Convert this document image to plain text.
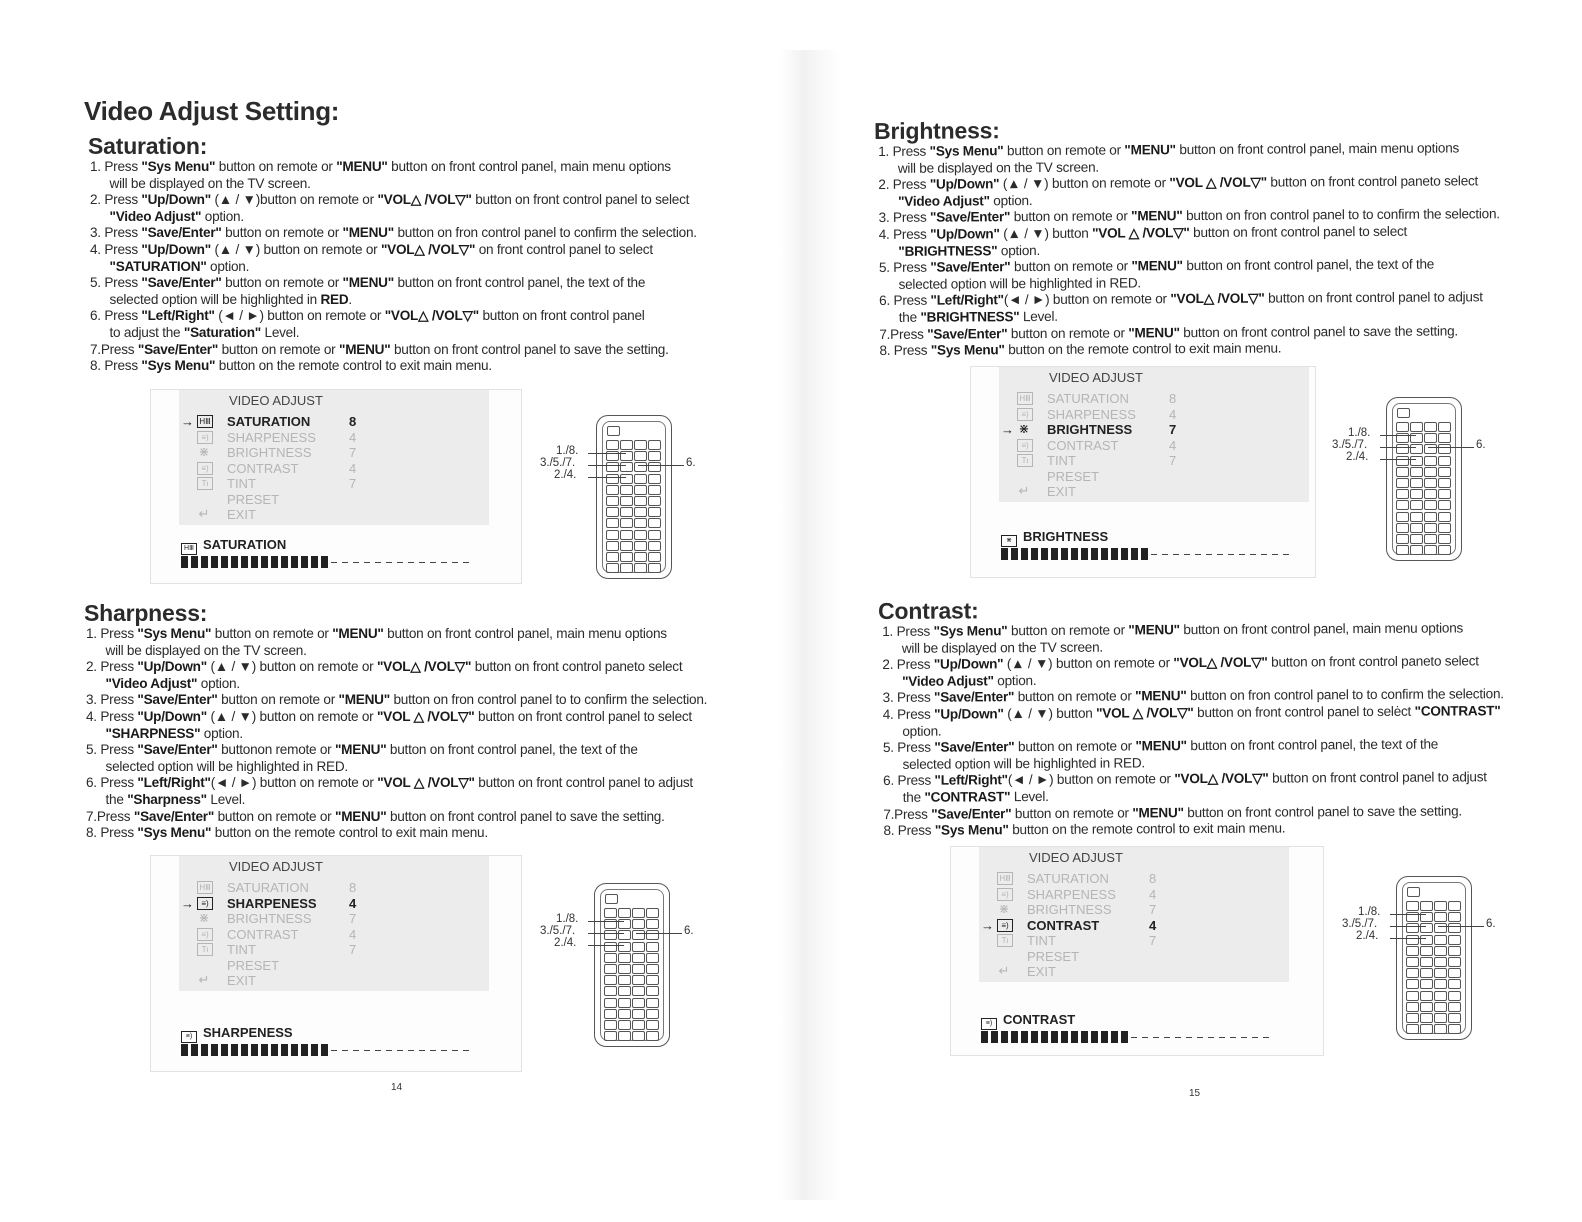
Video Adjust Setting:
Saturation:
1. Press "Sys Menu" button on remote or "MENU" button on front control panel, main menu options
will be displayed on the TV screen.
2. Press "Up/Down" (▲ / ▼)button on remote or "VOL△ /VOL▽" button on front control panel to select
"Video Adjust" option.
3. Press "Save/Enter" button on remote or "MENU" button on fron control panel to confirm the selection.
4. Press "Up/Down" (▲ / ▼) button on remote or "VOL△ /VOL▽" on front control panel to select
"SATURATION" option.
5. Press "Save/Enter" button on remote or "MENU" button on front control panel, the text of the
selected option will be highlighted in RED.
6. Press "Left/Right" (◄ / ►) button on remote or "VOL△ /VOL▽" button on front control panel
to adjust the "Saturation" Level.
7.Press "Save/Enter" button on remote or "MENU" button on front control panel to save the setting.
8. Press "Sys Menu" button on the remote control to exit main menu.
Sharpness:
1. Press "Sys Menu" button on remote or "MENU" button on front control panel, main menu options
will be displayed on the TV screen.
2. Press "Up/Down" (▲ / ▼) button on remote or "VOL△ /VOL▽" button on front control paneto select
"Video Adjust" option.
3. Press "Save/Enter" button on remote or "MENU" button on fron control panel to to confirm the selection.
4. Press "Up/Down" (▲ / ▼) button on remote or "VOL △ /VOL▽" button on front control panel to select
"SHARPNESS" option.
5. Press "Save/Enter" buttonon remote or "MENU" button on front control panel, the text of the
selected option will be highlighted in RED.
6. Press "Left/Right"(◄ / ►) button on remote or "VOL △ /VOL▽" button on front control panel to adjust
the "Sharpness" Level.
7.Press "Save/Enter" button on remote or "MENU" button on front control panel to save the setting.
8. Press "Sys Menu" button on the remote control to exit main menu.
Brightness:
1. Press "Sys Menu" button on remote or "MENU" button on front control panel, main menu options
will be displayed on the TV screen.
2. Press "Up/Down" (▲ / ▼) button on remote or "VOL △ /VOL▽" button on front control paneto select
"Video Adjust" option.
3. Press "Save/Enter" button on remote or "MENU" button on fron control panel to to confirm the selection.
4. Press "Up/Down" (▲ / ▼) button "VOL △ /VOL▽" button on front control panel to select
"BRIGHTNESS" option.
5. Press "Save/Enter" button on remote or "MENU" button on front control panel, the text of the
selected option will be highlighted in RED.
6. Press "Left/Right"(◄ / ►) button on remote or "VOL△ /VOL▽" button on front control panel to adjust
the "BRIGHTNESS" Level.
7.Press "Save/Enter" button on remote or "MENU" button on front control panel to save the setting.
8. Press "Sys Menu" button on the remote control to exit main menu.
Contrast:
1. Press "Sys Menu" button on remote or "MENU" button on front control panel, main menu options
will be displayed on the TV screen.
2. Press "Up/Down" (▲ / ▼) button on remote or "VOL△ /VOL▽" button on front control paneto select
"Video Adjust" option.
3. Press "Save/Enter" button on remote or "MENU" button on fron control panel to to confirm the selection.
4. Press "Up/Down" (▲ / ▼) button "VOL △ /VOL▽" button on front control panel to selėct "CONTRAST"
option.
5. Press "Save/Enter" button on remote or "MENU" button on front control panel, the text of the
selected option will be highlighted in RED.
6. Press "Left/Right"(◄ / ►) button on remote or "VOL△ /VOL▽" button on front control panel to adjust
the "CONTRAST" Level.
7.Press "Save/Enter" button on remote or "MENU" button on front control panel to save the setting.
8. Press "Sys Menu" button on the remote control to exit main menu.
VIDEO ADJUST
→ HⅢ SATURATION	8
≡)	SHARPENESS	4
⋇ BRIGHTNESS	7
≡)	CONTRAST	4
Tι	TINT	7
PRESET
↵ EXIT
HⅢ SATURATION
VIDEO ADJUST
HⅢ SATURATION	8
→ ≡)	SHARPENESS 4
⋇ BRIGHTNESS	7
≡)	CONTRAST	4
Tι	TINT	7
PRESET
↵ EXIT
≡) SHARPENESS
VIDEO ADJUST
HⅢ SATURATION	8
≡)	SHARPENESS	4
→ ⋇ BRIGHTNESS	7
≡)	CONTRAST	4
Tι	TINT	7
PRESET
↵ EXIT
⋇ BRIGHTNESS
VIDEO ADJUST
HⅢ SATURATION	8
≡)	SHARPENESS	4
⋇ BRIGHTNESS	7
→ ≡)	CONTRAST	4
Tι	TINT	7
PRESET
↵ EXIT
≡) CONTRAST
14
15
1./8.
3./5./7.
2./4.
6.
1./8.
3./5./7.
2./4.
6.
1./8.
3./5./7.
2./4.
6.
1./8.
3./5./7.
2./4.
6.
